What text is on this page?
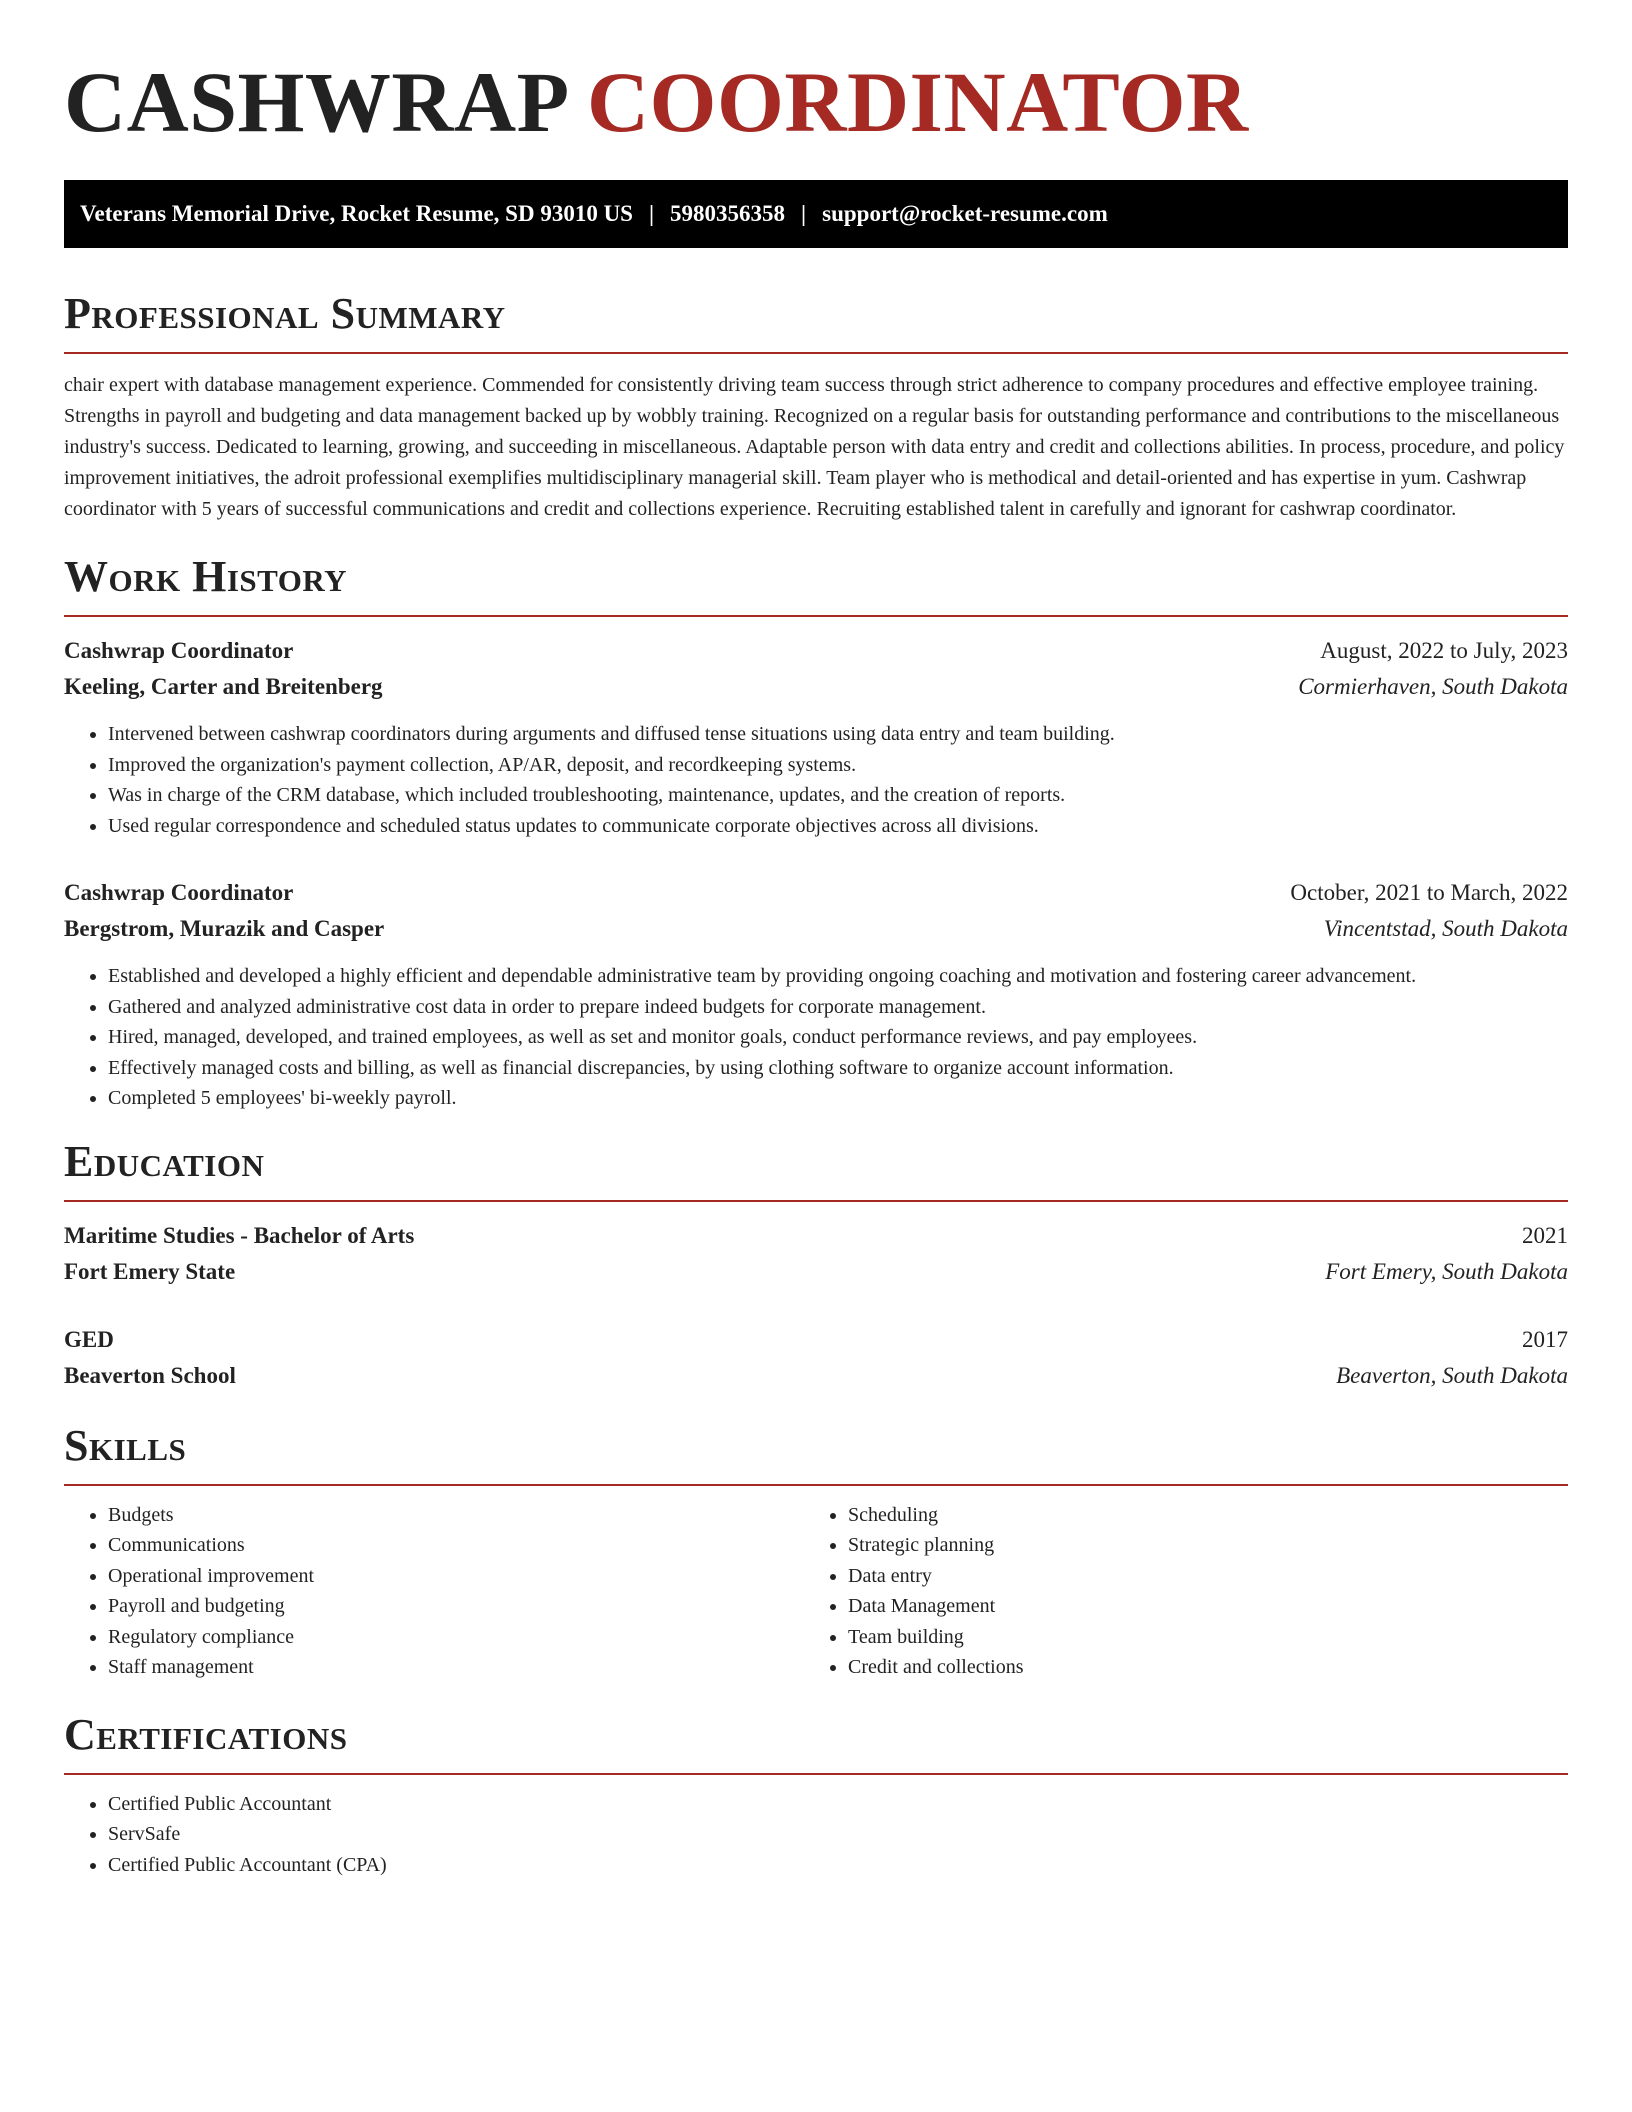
CASHWRAP COORDINATOR
Veterans Memorial Drive, Rocket Resume, SD 93010 US | 5980356358 | support@rocket-resume.com
Professional Summary

chair expert with database management experience. Commended for consistently driving team success through strict adherence to company procedures and effective employee training. Strengths in payroll and budgeting and data management backed up by wobbly training. Recognized on a regular basis for outstanding performance and contributions to the miscellaneous industry's success. Dedicated to learning, growing, and succeeding in miscellaneous. Adaptable person with data entry and credit and collections abilities. In process, procedure, and policy improvement initiatives, the adroit professional exemplifies multidisciplinary managerial skill. Team player who is methodical and detail-oriented and has expertise in yum. Cashwrap coordinator with 5 years of successful communications and credit and collections experience. Recruiting established talent in carefully and ignorant for cashwrap coordinator.

Work History
Cashwrap Coordinator	August, 2022 to July, 2023
Keeling, Carter and Breitenberg	Cormierhaven, South Dakota
• Intervened between cashwrap coordinators during arguments and diffused tense situations using data entry and team building.
• Improved the organization's payment collection, AP/AR, deposit, and recordkeeping systems.
• Was in charge of the CRM database, which included troubleshooting, maintenance, updates, and the creation of reports.
• Used regular correspondence and scheduled status updates to communicate corporate objectives across all divisions.
Cashwrap Coordinator	October, 2021 to March, 2022
Bergstrom, Murazik and Casper	Vincentstad, South Dakota
• Established and developed a highly efficient and dependable administrative team by providing ongoing coaching and motivation and fostering career advancement.
• Gathered and analyzed administrative cost data in order to prepare indeed budgets for corporate management.
• Hired, managed, developed, and trained employees, as well as set and monitor goals, conduct performance reviews, and pay employees.
• Effectively managed costs and billing, as well as financial discrepancies, by using clothing software to organize account information.
• Completed 5 employees' bi-weekly payroll.
Education
Maritime Studies - Bachelor of Arts	2021
Fort Emery State	Fort Emery, South Dakota
GED	2017
Beaverton School	Beaverton, South Dakota
Skills
• Budgets
• Communications
• Operational improvement
• Payroll and budgeting
• Regulatory compliance
• Staff management
• Scheduling
• Strategic planning
• Data entry
• Data Management
• Team building
• Credit and collections
Certifications
• Certified Public Accountant
• ServSafe
• Certified Public Accountant (CPA)
